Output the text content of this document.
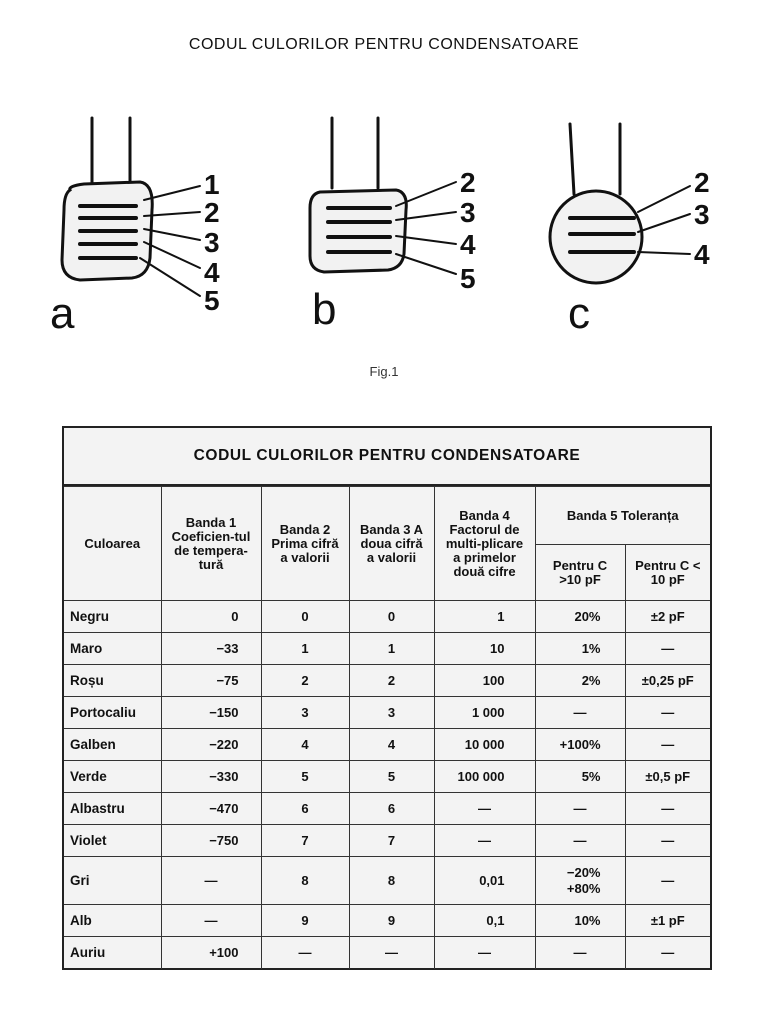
CODUL CULORILOR PENTRU CONDENSATOARE
1
2
3
4
5
2
3
4
5
2
3
4
a	b	c
Fig.1
CODUL CULORILOR PENTRU CONDENSATOARE
Culoarea	Banda 1 Coeficien-tul de tempera-tură	Banda 2 Prima cifră a valorii	Banda 3 A doua cifră a valorii	Banda 4 Factorul de multi-plicare a primelor două cifre	Banda 5 Toleranța	
					Pentru C >10 pF	Pentru C < 10 pF
Negru	0	0	0	1	20%	±2 pF
Maro	−33	1	1	10	1%	—
Roșu	−75	2	2	100	2%	±0,25 pF
Portocaliu	−150	3	3	1 000	—	—
Galben	−220	4	4	10 000	+100%	—
Verde	−330	5	5	100 000	5%	±0,5 pF
Albastru	−470	6	6	—	—	—
Violet	−750	7	7	—	—	—
Gri	—	8	8	0,01	−20%
+80%	—
Alb	—	9	9	0,1	10%	±1 pF
Auriu	+100	—	—	—	—	—
